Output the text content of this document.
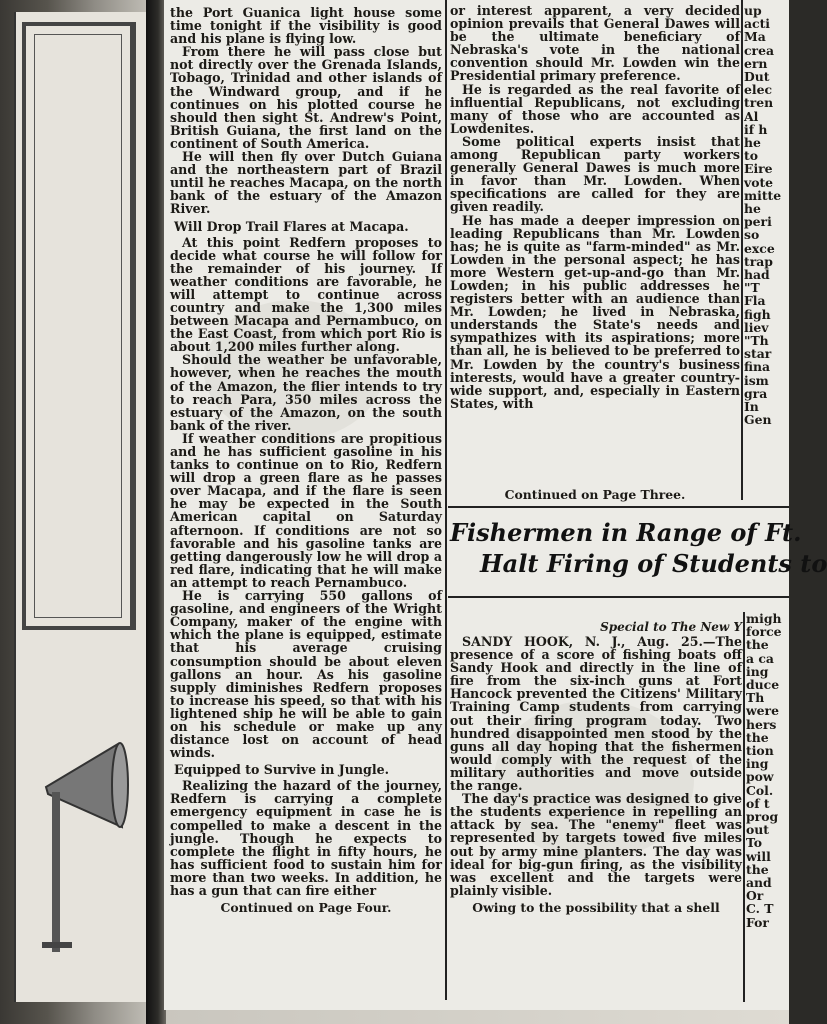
the Port Guanica light house some time tonight if the visibility is good and his plane is flying low.

From there he will pass close but not directly over the Grenada Islands, Tobago, Trinidad and other islands of the Windward group, and if he continues on his plotted course he should then sight St. Andrew's Point, British Guiana, the first land on the continent of South America.

He will then fly over Dutch Guiana and the northeastern part of Brazil until he reaches Macapa, on the north bank of the estuary of the Amazon River.

Will Drop Trail Flares at Macapa.

At this point Redfern proposes to decide what course he will follow for the remainder of his journey. If weather conditions are favorable, he will attempt to continue across country and make the 1,300 miles between Macapa and Pernambuco, on the East Coast, from which port Rio is about 1,200 miles further along.

Should the weather be unfavorable, however, when he reaches the mouth of the Amazon, the flier intends to try to reach Para, 350 miles across the estuary of the Amazon, on the south bank of the river.

If weather conditions are propitious and he has sufficient gasoline in his tanks to continue on to Rio, Redfern will drop a green flare as he passes over Macapa, and if the flare is seen he may be expected in the South American capital on Saturday afternoon. If conditions are not so favorable and his gasoline tanks are getting dangerously low he will drop a red flare, indicating that he will make an attempt to reach Pernambuco.

He is carrying 550 gallons of gasoline, and engineers of the Wright Company, maker of the engine with which the plane is equipped, estimate that his average cruising consumption should be about eleven gallons an hour. As his gasoline supply diminishes Redfern proposes to increase his speed, so that with his lightened ship he will be able to gain on his schedule or make up any distance lost on account of head winds.

Equipped to Survive in Jungle.

Realizing the hazard of the journey, Redfern is carrying a complete emergency equipment in case he is compelled to make a descent in the jungle. Though he expects to complete the flight in fifty hours, he has sufficient food to sustain him for more than two weeks. In addition, he has a gun that can fire either

Continued on Page Four.

or interest apparent, a very decided opinion prevails that General Dawes will be the ultimate beneficiary of Nebraska's vote in the national convention should Mr. Lowden win the Presidential primary preference.

He is regarded as the real favorite of influential Republicans, not excluding many of those who are accounted as Lowdenites.

Some political experts insist that among Republican party workers generally General Dawes is much more in favor than Mr. Lowden. When specifications are called for they are given readily.

He has made a deeper impression on leading Republicans than Mr. Lowden has; he is quite as "farm-minded" as Mr. Lowden in the personal aspect; he has more Western get-up-and-go than Mr. Lowden; in his public addresses he registers better with an audience than Mr. Lowden; he lived in Nebraska, understands the State's needs and sympathizes with its aspirations; more than all, he is believed to be preferred to Mr. Lowden by the country's business interests, would have a greater country-wide support, and, especially in Eastern States, with

Continued on Page Three.
up
acti
Ma
crea
ern
Dut
elec
tren
Al
if h
he
to
Eire
vote
mitte
he
peri
so
exce
trap
had
"T
Fla
figh
liev
"Th
star
fina
ism
gra
In
Gen
Fishermen in Range of Ft.
Halt Firing of Students to
Special to The New Y

SANDY HOOK, N. J., Aug. 25.—The presence of a score of fishing boats off Sandy Hook and directly in the line of fire from the six-inch guns at Fort Hancock prevented the Citizens' Military Training Camp students from carrying out their firing program today. Two hundred disappointed men stood by the guns all day hoping that the fishermen would comply with the request of the military authorities and move outside the range.

The day's practice was designed to give the students experience in repelling an attack by sea. The "enemy" fleet was represented by targets towed five miles out by army mine planters. The day was ideal for big-gun firing, as the visibility was excellent and the targets were plainly visible.

Owing to the possibility that a shell
migh
force
the
a ca
ing
duce
Th
were
hers
the
tion
ing
pow
Col.
of t
prog
out
To
will
the
and
Or
C. T
For
